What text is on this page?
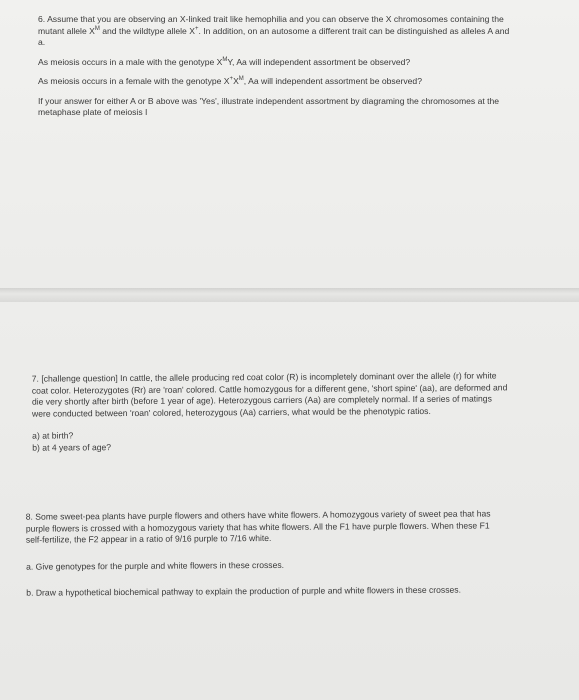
6. Assume that you are observing an X-linked trait like hemophilia and you can observe the X chromosomes containing the mutant allele $X^M$ and the wildtype allele X+. In addition, on an autosome a different trait can be distinguished as alleles A and a.

As meiosis occurs in a male with the genotype $X^MY$, Aa will independent assortment be observed?

As meiosis occurs in a female with the genotype $X^+X^M$, Aa will independent assortment be observed?

If your answer for either A or B above was 'Yes', illustrate independent assortment by diagraming the chromosomes at the metaphase plate of meiosis I

7. [challenge question] In cattle, the allele producing red coat color (R) is incompletely dominant over the allele (r) for white coat color. Heterozygotes (Rr) are 'roan' colored. Cattle homozygous for a different gene, 'short spine' (aa), are deformed and die very shortly after birth (before 1 year of age). Heterozygous carriers (Aa) are completely normal. If a series of matings were conducted between 'roan' colored, heterozygous (Aa) carriers, what would be the phenotypic ratios.

a) at birth?

b) at 4 years of age?

8. Some sweet-pea plants have purple flowers and others have white flowers. A homozygous variety of sweet pea that has purple flowers is crossed with a homozygous variety that has white flowers. All the F1 have purple flowers. When these F1 self-fertilize, the F2 appear in a ratio of 9/16 purple to 7/16 white.

a. Give genotypes for the purple and white flowers in these crosses.

b. Draw a hypothetical biochemical pathway to explain the production of purple and white flowers in these crosses.
